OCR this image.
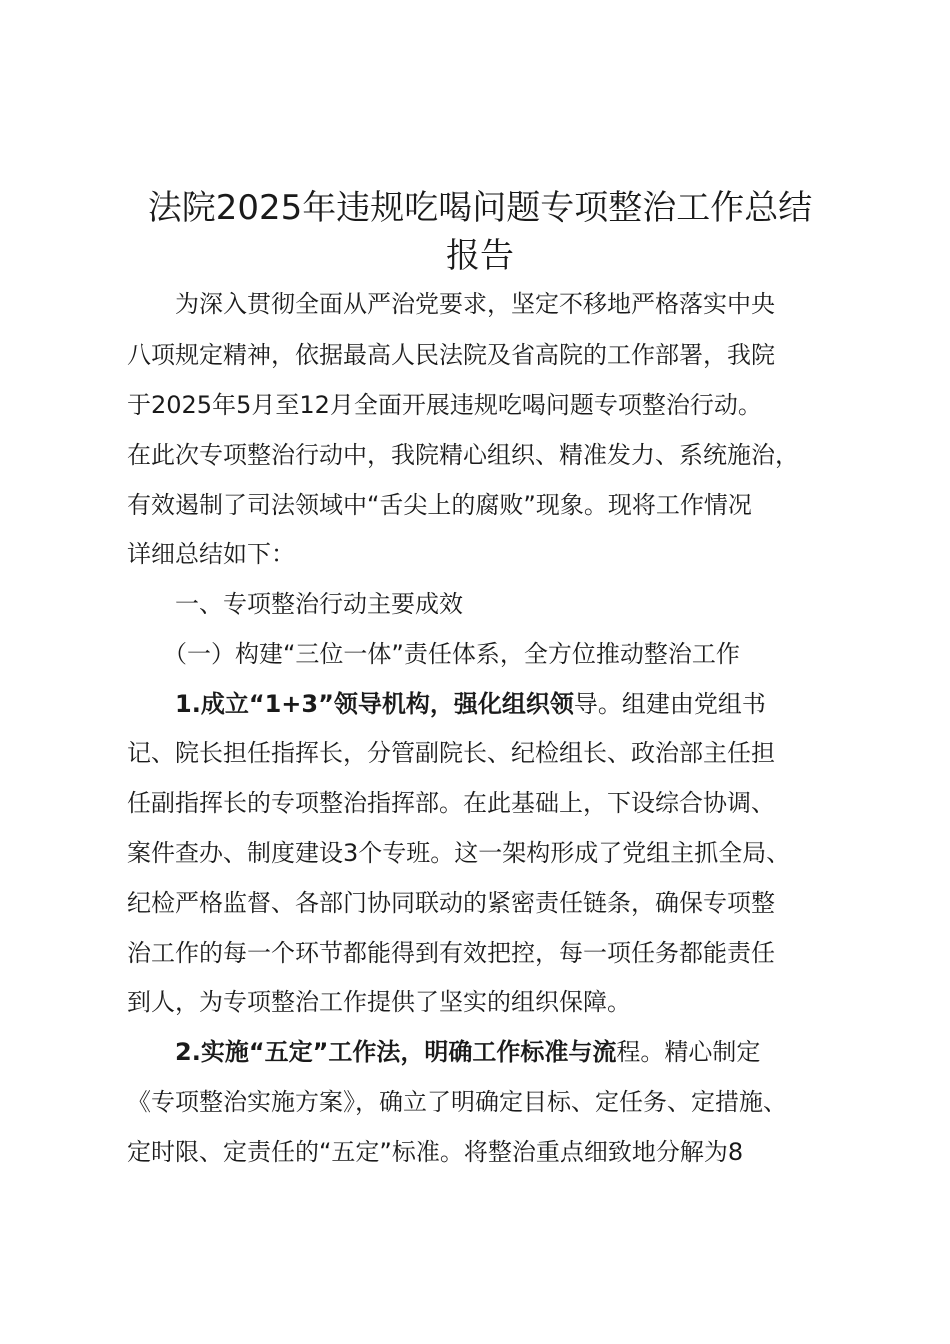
法院2025年违规吃喝问题专项整治工作总结
报告

　　为深入贯彻全面从严治党要求，坚定不移地严格落实中央

八项规定精神，依据最高人民法院及省高院的工作部署，我院

于2025年5月至12月全面开展违规吃喝问题专项整治行动。

在此次专项整治行动中，我院精心组织、精准发力、系统施治，

有效遏制了司法领域中“舌尖上的腐败”现象。现将工作情况

详细总结如下：

　　一、专项整治行动主要成效

　　（一）构建“三位一体”责任体系，全方位推动整治工作

　　1.成立“1+3”领导机构，强化组织领导。组建由党组书

记、院长担任指挥长，分管副院长、纪检组长、政治部主任担

任副指挥长的专项整治指挥部。在此基础上，下设综合协调、

案件查办、制度建设3个专班。这一架构形成了党组主抓全局、

纪检严格监督、各部门协同联动的紧密责任链条，确保专项整

治工作的每一个环节都能得到有效把控，每一项任务都能责任

到人，为专项整治工作提供了坚实的组织保障。

　　2.实施“五定”工作法，明确工作标准与流程。精心制定

《专项整治实施方案》，确立了明确定目标、定任务、定措施、

定时限、定责任的“五定”标准。将整治重点细致地分解为8
